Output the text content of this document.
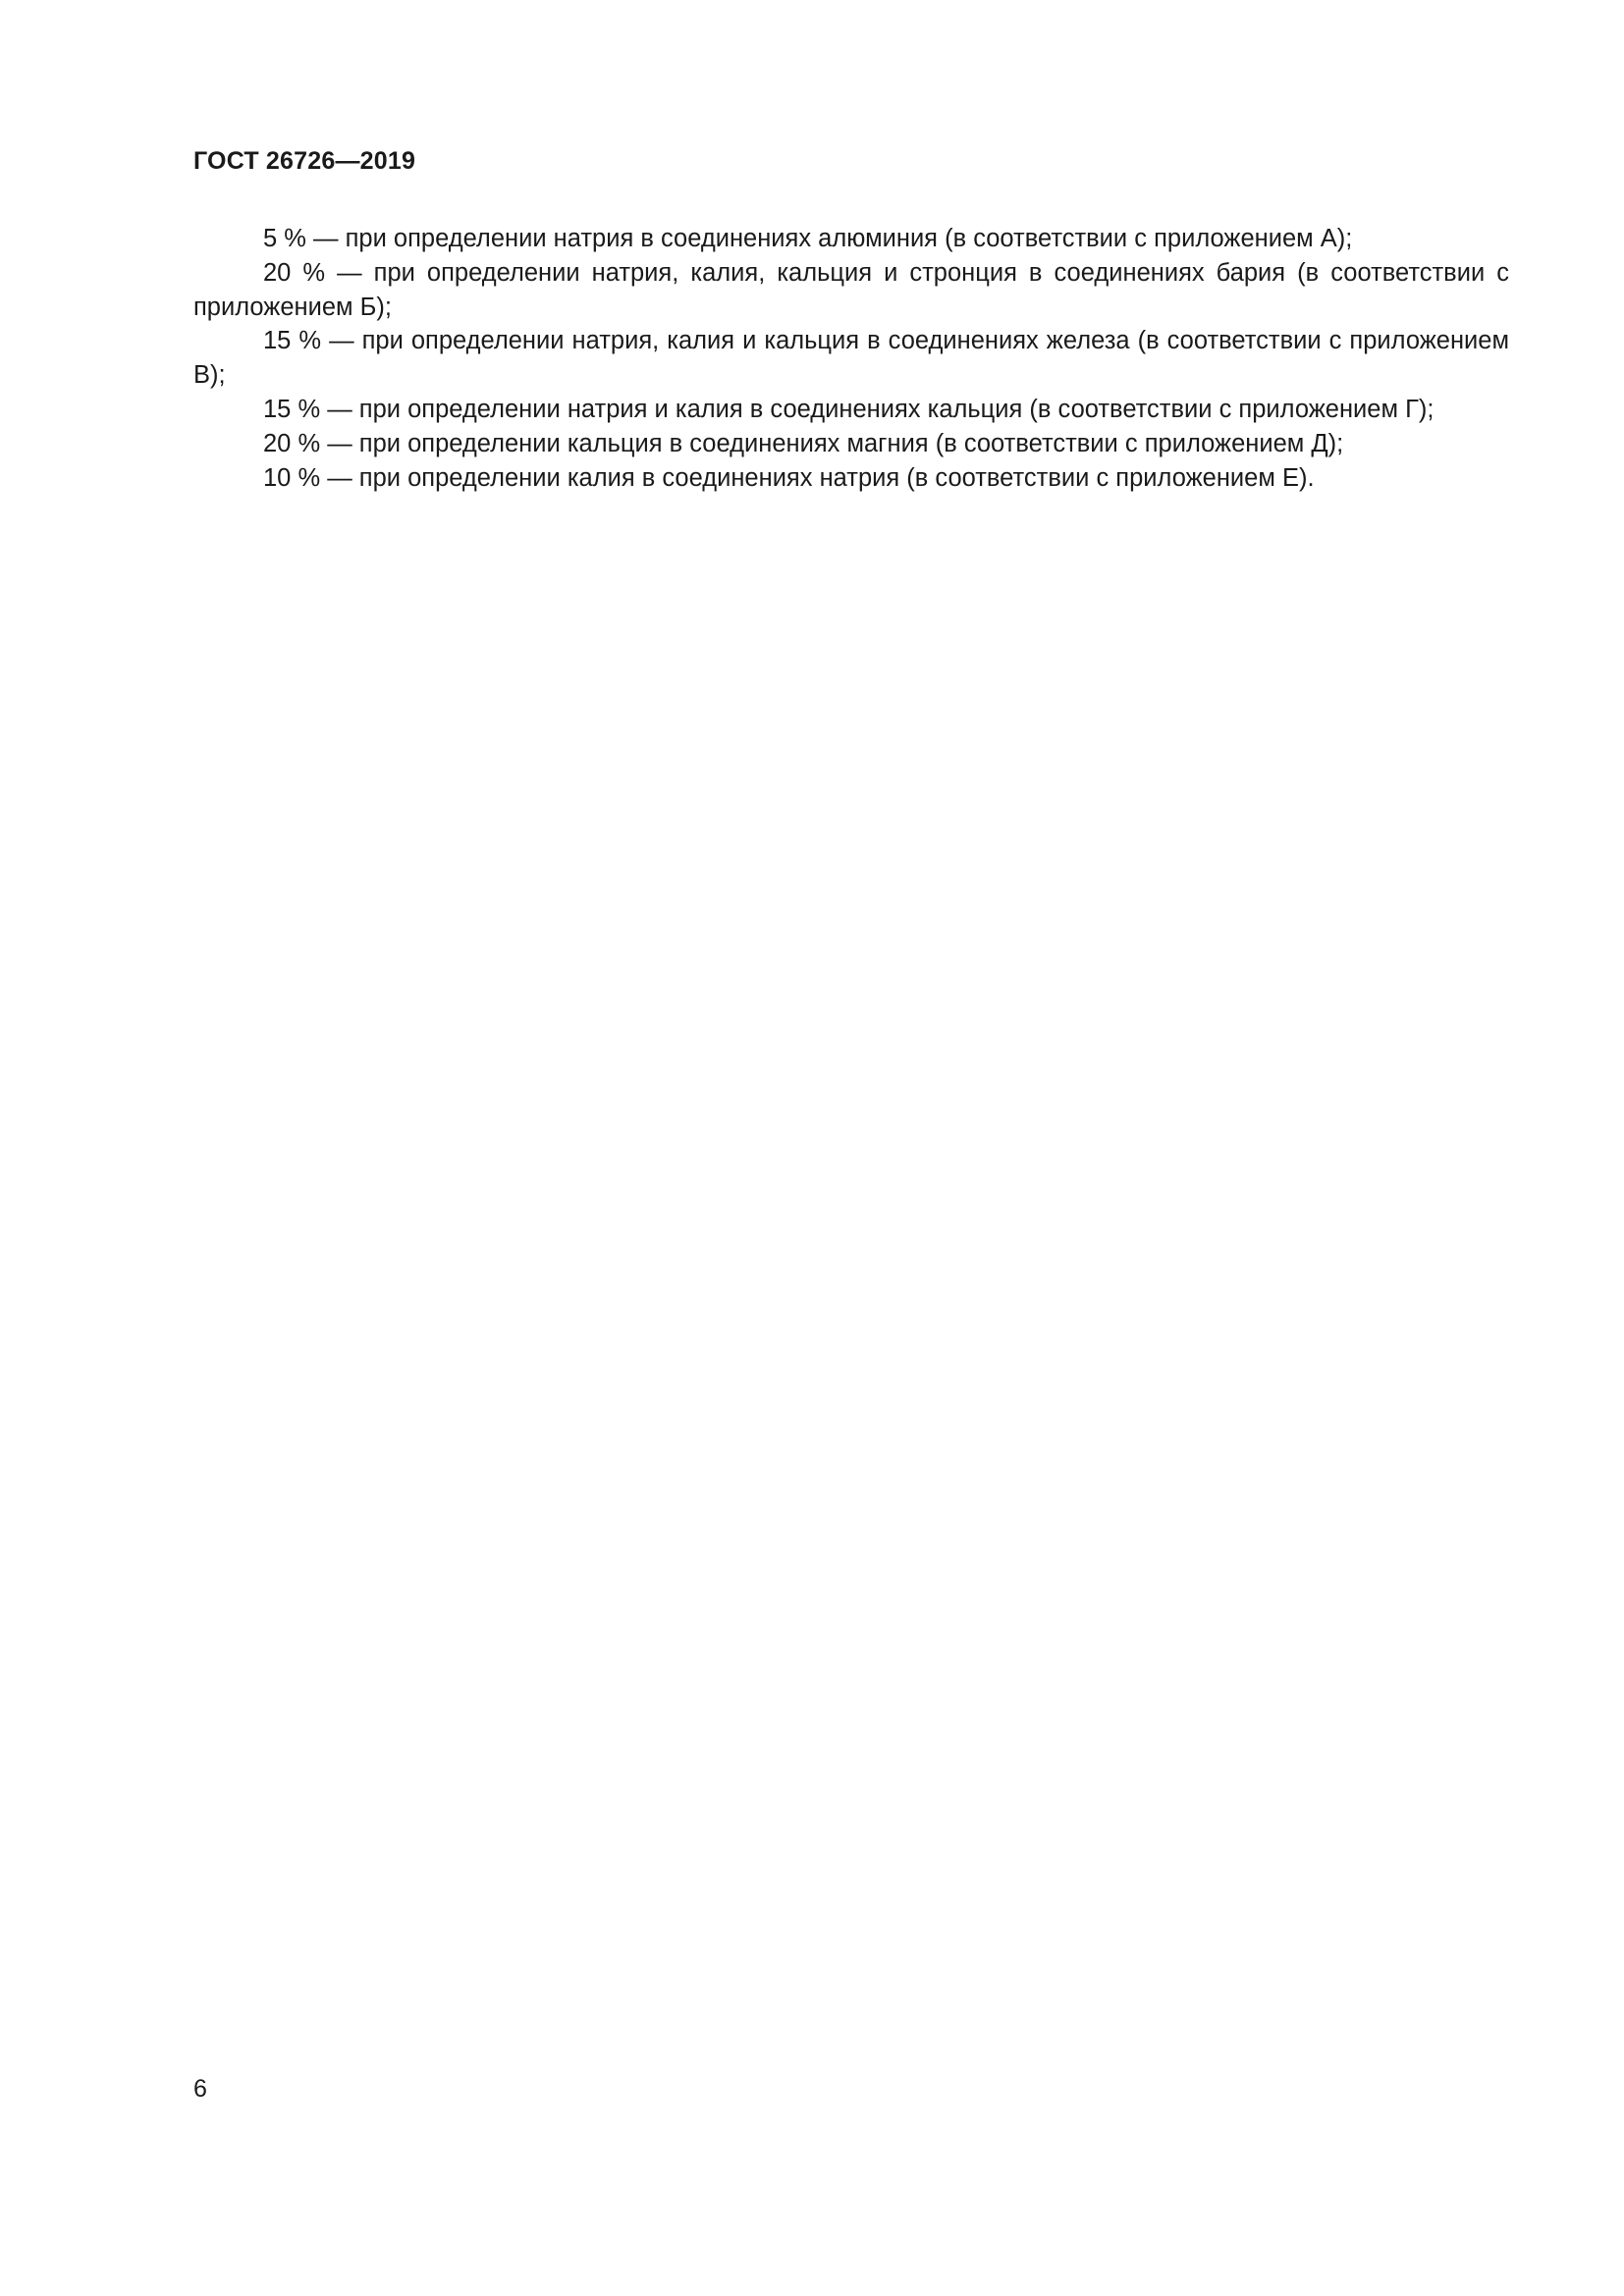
ГОСТ 26726—2019

5 % — при определении натрия в соединениях алюминия (в соответствии с приложением А);

20 % — при определении натрия, калия, кальция и стронция в соединениях бария (в соответствии с приложением Б);

15 % — при определении натрия, калия и кальция в соединениях железа (в соответствии с приложением В);

15 % — при определении натрия и калия в соединениях кальция (в соответствии с приложением Г);

20 % — при определении кальция в соединениях магния (в соответствии с приложением Д);

10 % — при определении калия в соединениях натрия (в соответствии с приложением Е).

6
